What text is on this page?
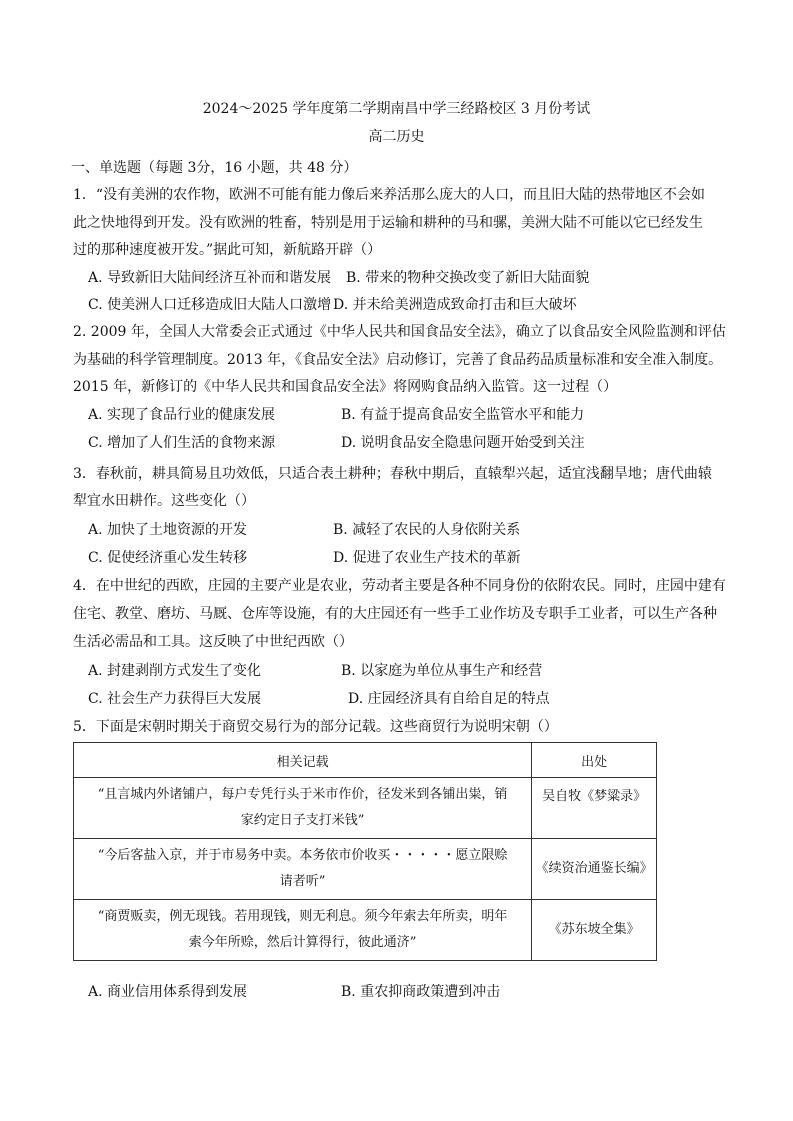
2024～2025 学年度第二学期南昌中学三经路校区 3 月份考试
高二历史
一、单选题（每题 3分，16 小题，共 48 分）
1．“没有美洲的农作物，欧洲不可能有能力像后来养活那么庞大的人口，而且旧大陆的热带地区不会如
此之快地得到开发。没有欧洲的牲畜，特别是用于运输和耕种的马和骡，美洲大陆不可能以它已经发生
过的那种速度被开发。”据此可知，新航路开辟（）
A. 导致新旧大陆间经济互补而和谐发展 B. 带来的物种交换改变了新旧大陆面貌
C. 使美洲人口迁移造成旧大陆人口激增 D. 并未给美洲造成致命打击和巨大破坏
2. 2009 年，全国人大常委会正式通过《中华人民共和国食品安全法》，确立了以食品安全风险监测和评估
为基础的科学管理制度。2013 年，《食品安全法》启动修订，完善了食品药品质量标准和安全准入制度。
2015 年，新修订的《中华人民共和国食品安全法》将网购食品纳入监管。这一过程（）
A. 实现了食品行业的健康发展	B. 有益于提高食品安全监管水平和能力
C. 增加了人们生活的食物来源	D. 说明食品安全隐患问题开始受到关注
3．春秋前，耕具简易且功效低，只适合表土耕种；春秋中期后，直辕犁兴起，适宜浅翻旱地；唐代曲辕
犁宜水田耕作。这些变化（）
A. 加快了土地资源的开发	B. 减轻了农民的人身依附关系
C. 促使经济重心发生转移	D. 促进了农业生产技术的革新
4．在中世纪的西欧，庄园的主要产业是农业，劳动者主要是各种不同身份的依附农民。同时，庄园中建有
住宅、教堂、磨坊、马厩、仓库等设施，有的大庄园还有一些手工业作坊及专职手工业者，可以生产各种
生活必需品和工具。这反映了中世纪西欧（）
A. 封建剥削方式发生了变化	B. 以家庭为单位从事生产和经营
C. 社会生产力获得巨大发展	D. 庄园经济具有自给自足的特点
5．下面是宋朝时期关于商贸交易行为的部分记载。这些商贸行为说明宋朝（）
相关记载	出处

“且言城内外诸铺户，每户专凭行头于米市作价，径发米到各铺出粜，销
家约定日子支打米钱”	吴自牧《梦粱录》

“今后客盐入京，并于市易务中卖。本务依市价收买・・・・・愿立限赊
请者听”	《续资治通鉴长编》

“商贾贩卖，例无现钱。若用现钱，则无利息。须今年索去年所卖，明年
索今年所赊，然后计算得行，彼此通济”	《苏东坡全集》
A. 商业信用体系得到发展	B. 重农抑商政策遭到冲击
